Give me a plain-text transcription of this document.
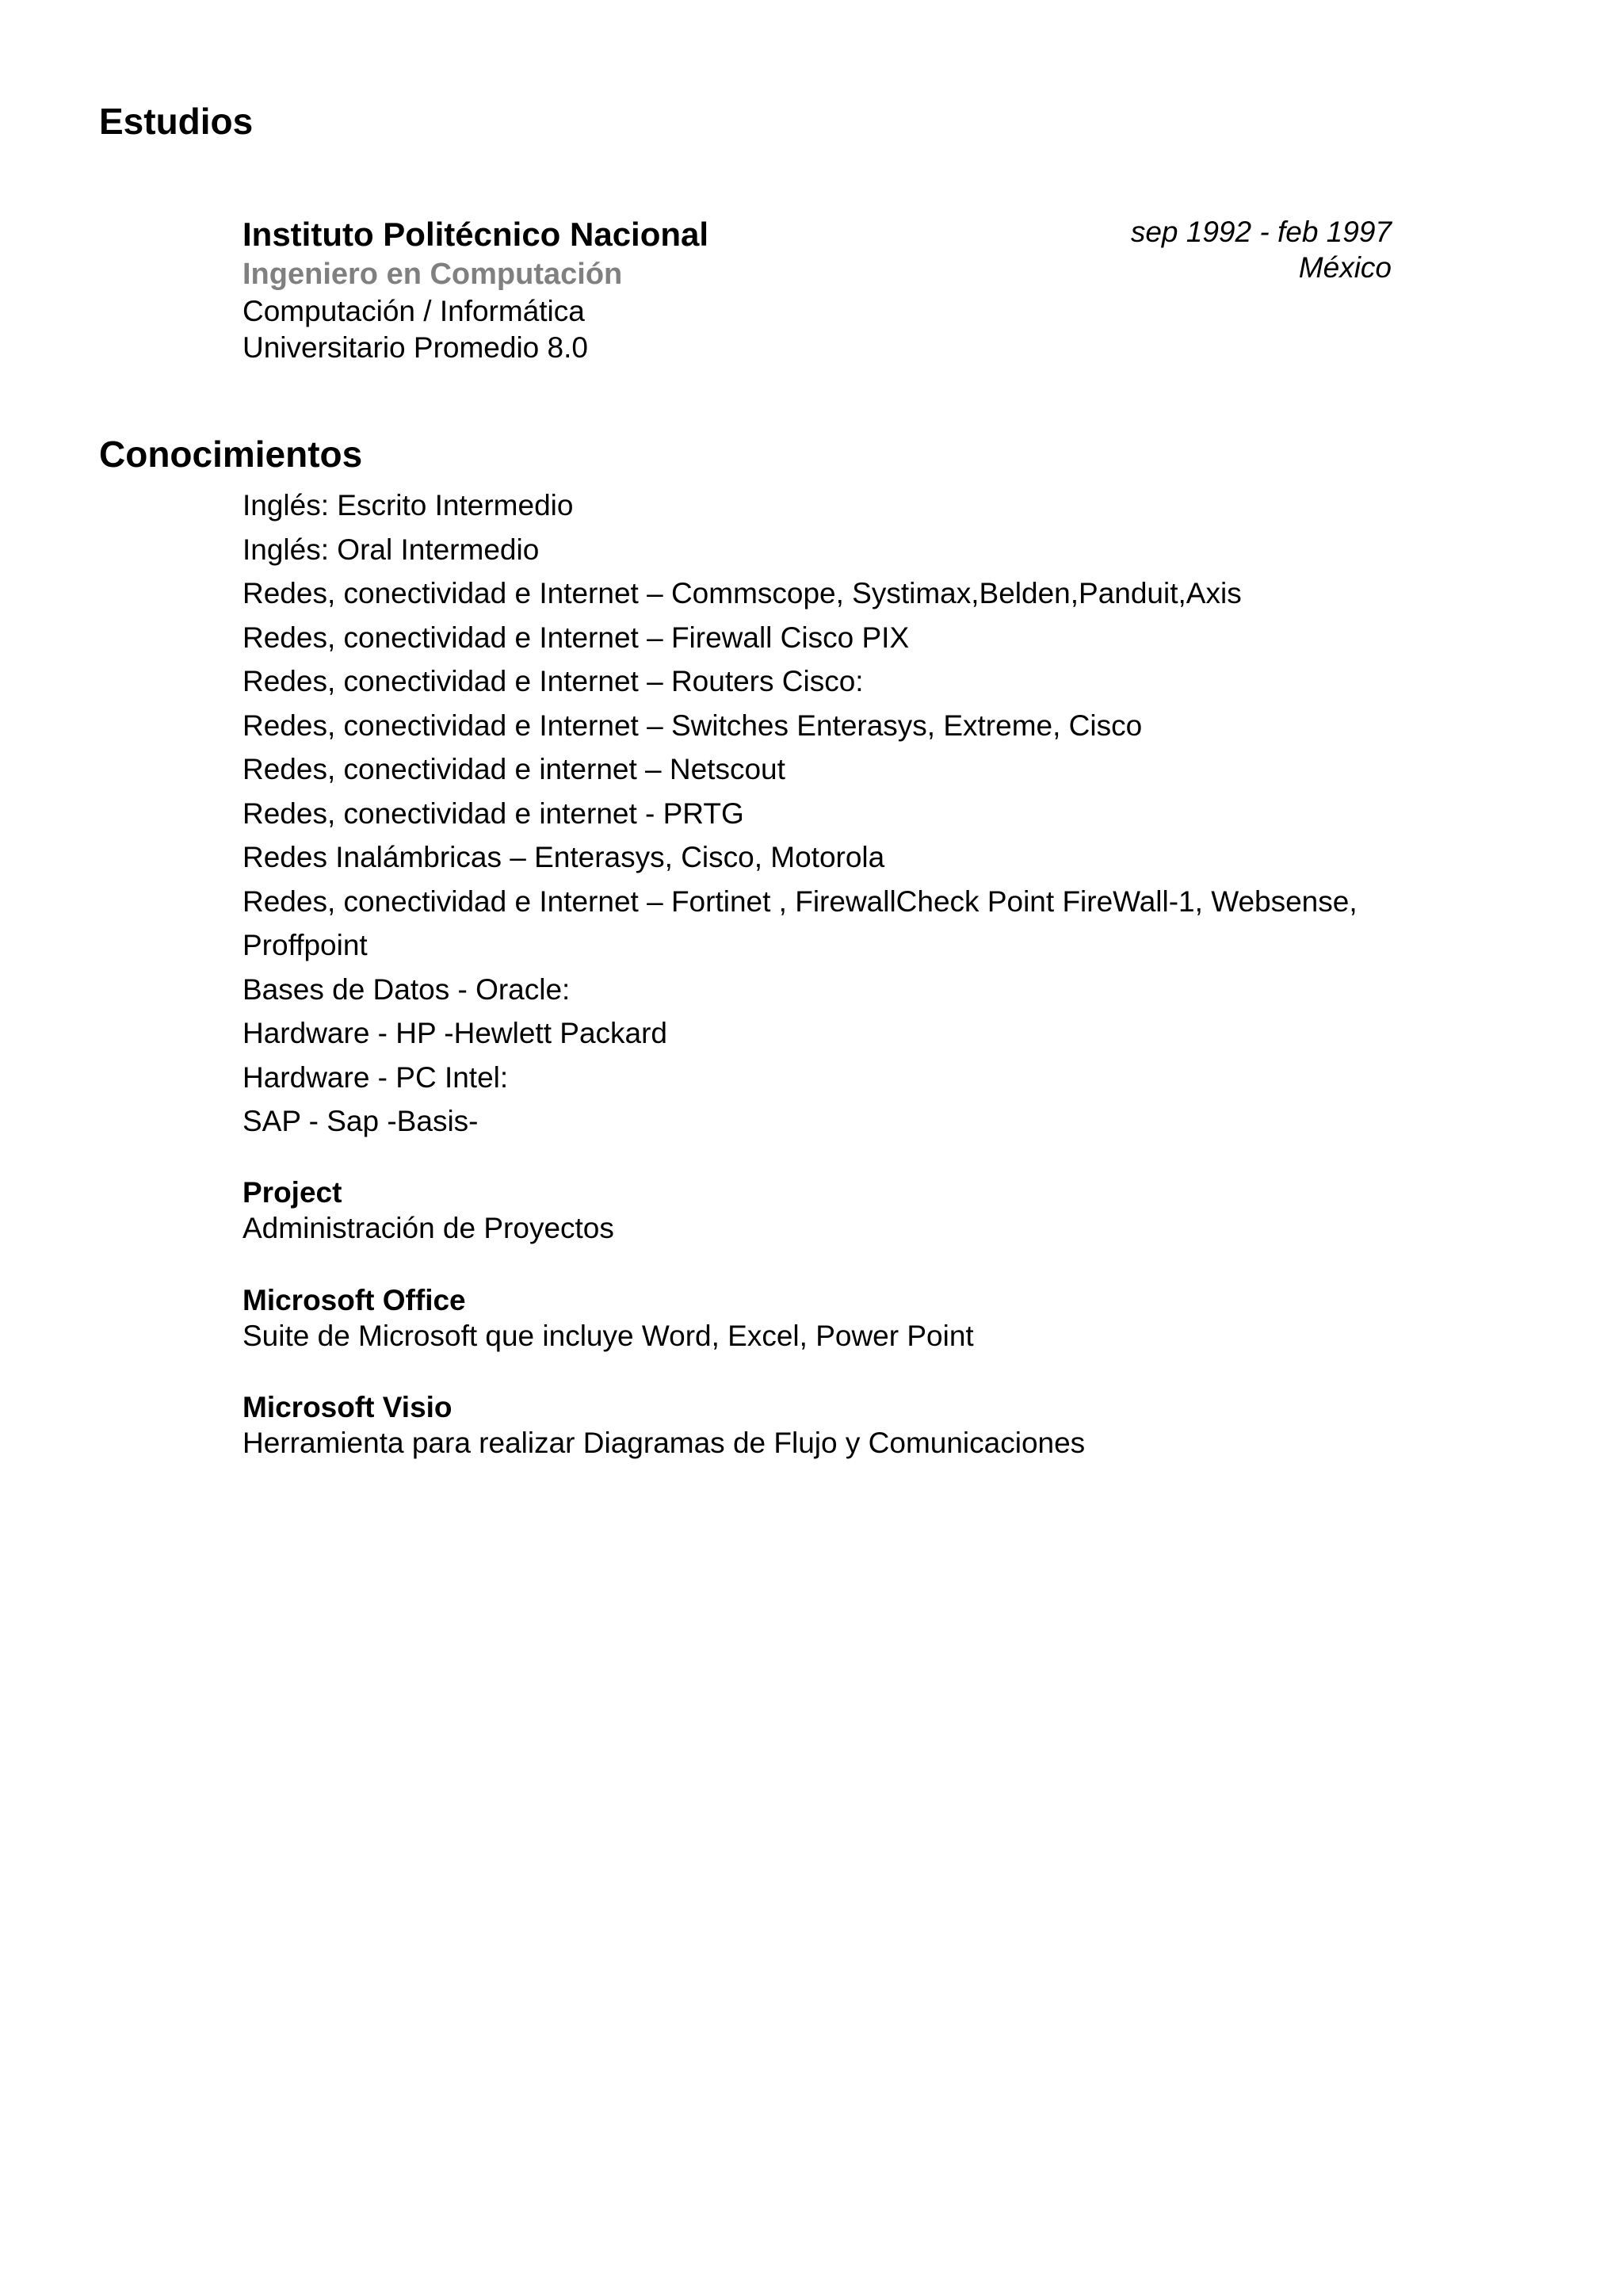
Estudios
Instituto Politécnico Nacional
Ingeniero en Computación
Computación / Informática
Universitario Promedio 8.0
sep 1992 - feb 1997
México
Conocimientos
Inglés: Escrito Intermedio
Inglés: Oral Intermedio
Redes, conectividad e Internet – Commscope, Systimax,Belden,Panduit,Axis
Redes, conectividad e Internet – Firewall Cisco PIX
Redes, conectividad e Internet – Routers Cisco:
Redes, conectividad e Internet – Switches Enterasys, Extreme, Cisco
Redes, conectividad e internet – Netscout
Redes, conectividad e internet - PRTG
Redes Inalámbricas – Enterasys, Cisco, Motorola
Redes, conectividad e Internet – Fortinet , FirewallCheck Point FireWall-1, Websense,
Proffpoint
Bases de Datos - Oracle:
Hardware - HP -Hewlett Packard
Hardware - PC Intel:
SAP - Sap -Basis-
Project
Administración de Proyectos
Microsoft Office
Suite de Microsoft que incluye Word, Excel, Power Point
Microsoft Visio
Herramienta para realizar Diagramas de Flujo y Comunicaciones
